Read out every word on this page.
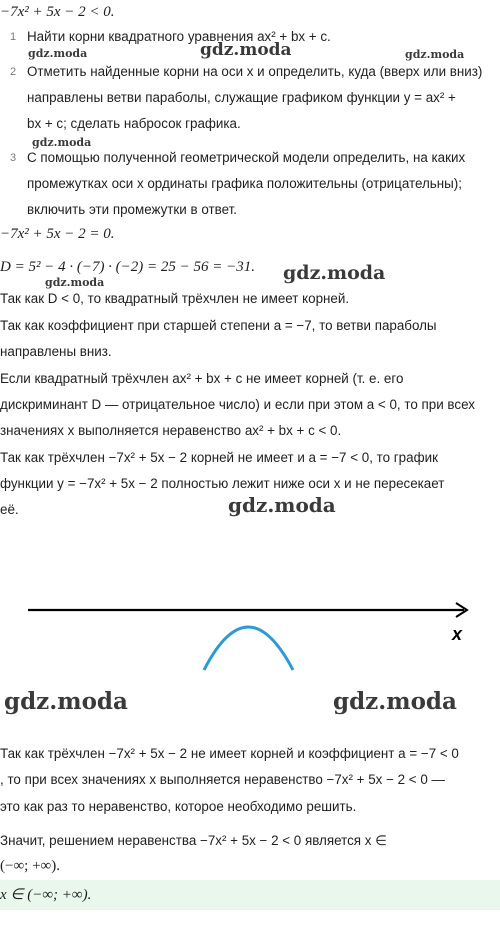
gdz.moda	gdz.moda	gdz.moda
gdz.moda
gdz.moda
gdz.moda
gdz.moda
gdz.moda	gdz.moda
−7x² + 5x − 2 < 0.
1 Найти корни квадратного уравнения ax² + bx + c.
2 Отметить найденные корни на оси x и определить, куда (вверх или вниз)
направлены ветви параболы, служащие графиком функции y = ax² +
bx + c; сделать набросок графика.
3 С помощью полученной геометрической модели определить, на каких
промежутках оси x ординаты графика положительны (отрицательны);
включить эти промежутки в ответ.
−7x² + 5x − 2 = 0.
D = 5² − 4 · (−7) · (−2) = 25 − 56 = −31.
Так как D < 0, то квадратный трёхчлен не имеет корней.
Так как коэффициент при старшей степени a = −7, то ветви параболы
направлены вниз.
Если квадратный трёхчлен ax² + bx + c не имеет корней (т. е. его
дискриминант D — отрицательное число) и если при этом a < 0, то при всех
значениях x выполняется неравенство ax² + bx + c < 0.
Так как трёхчлен −7x² + 5x − 2 корней не имеет и a = −7 < 0, то график
функции y = −7x² + 5x − 2 полностью лежит ниже оси x и не пересекает
её.
x
Так как трёхчлен −7x² + 5x − 2 не имеет корней и коэффициент a = −7 < 0
, то при всех значениях x выполняется неравенство −7x² + 5x − 2 < 0 —
это как раз то неравенство, которое необходимо решить.
Значит, решением неравенства −7x² + 5x − 2 < 0 является x ∈
(−∞; +∞).
x ∈ (−∞; +∞).
